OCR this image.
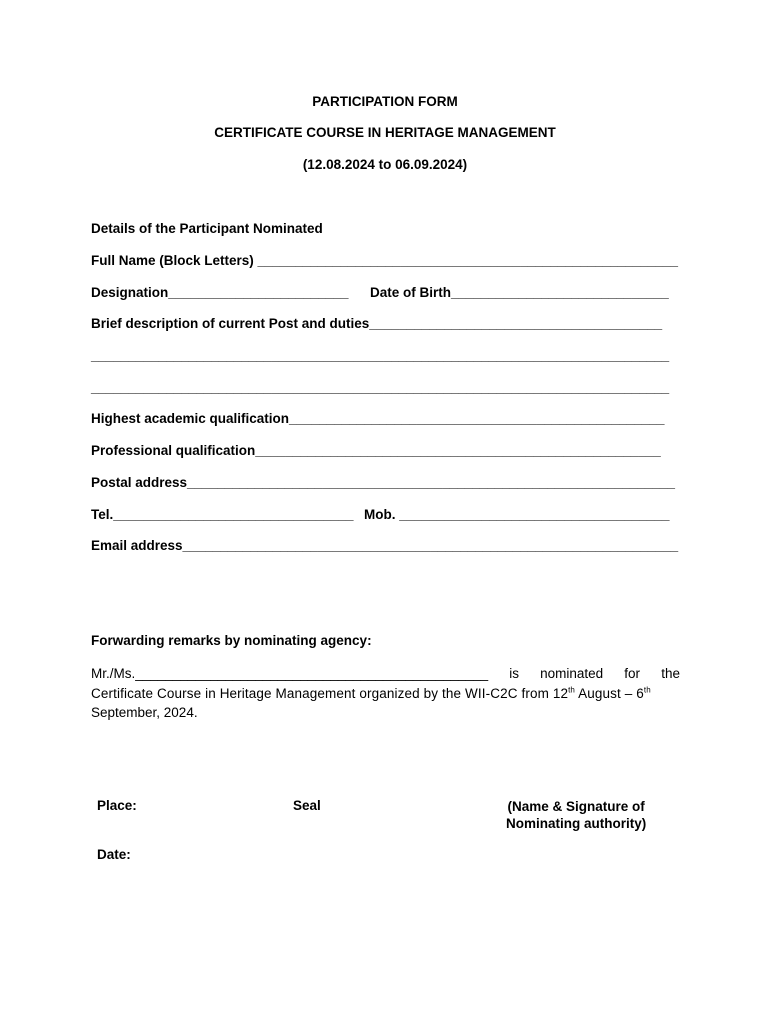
PARTICIPATION FORM
CERTIFICATE COURSE IN HERITAGE MANAGEMENT
(12.08.2024 to 06.09.2024)
Details of the Participant Nominated
Full Name (Block Letters) ________________________________________________________
Designation________________________ Date of Birth_____________________________
Brief description of current Post and duties_______________________________________
_____________________________________________________________________________
_____________________________________________________________________________
Highest academic qualification__________________________________________________
Professional qualification______________________________________________________
Postal address_________________________________________________________________
Tel.________________________________ Mob. ____________________________________
Email address__________________________________________________________________
Forwarding remarks by nominating agency:
Mr./Ms._______________________________________________ is nominated for the
Certificate Course in Heritage Management organized by the WII-C2C from 12th August – 6th
September, 2024.
Place:	Seal	(Name & Signature of
Nominating authority)
Date:
